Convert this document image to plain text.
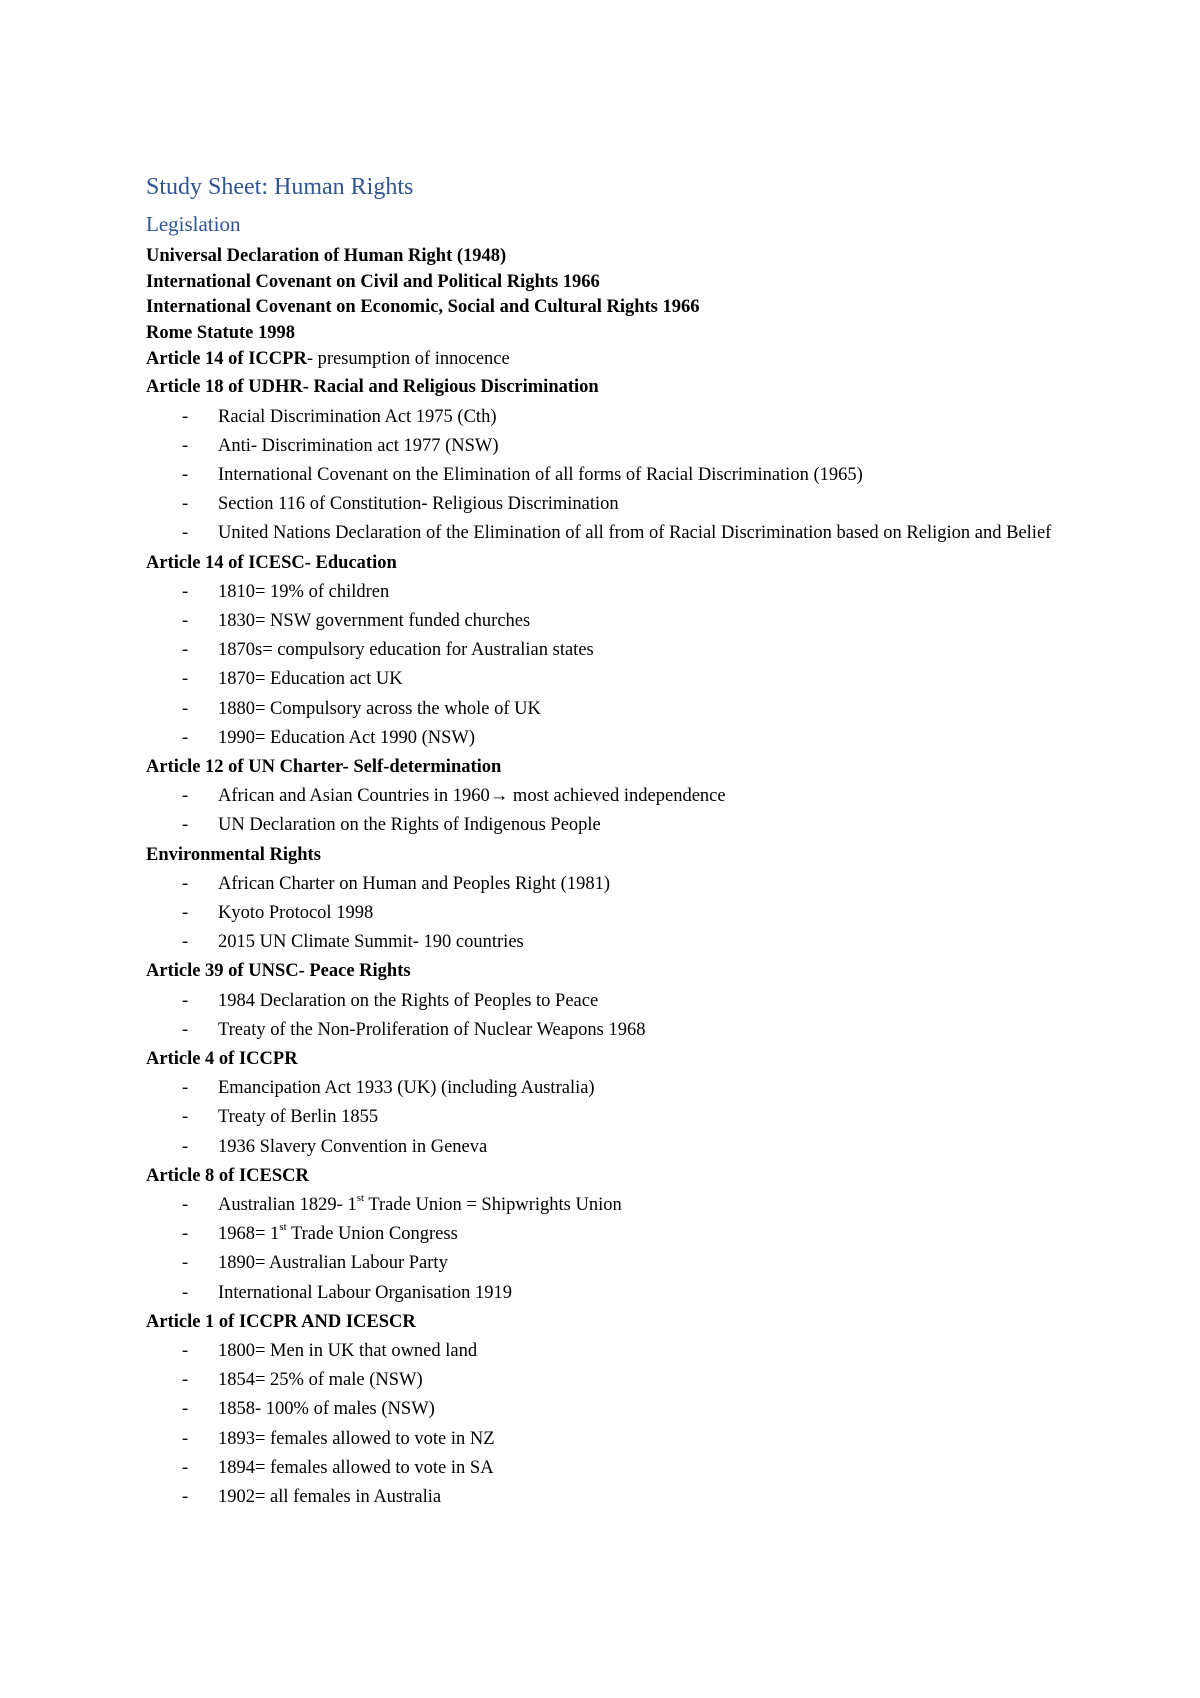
Study Sheet: Human Rights
Legislation

Universal Declaration of Human Right (1948)

International Covenant on Civil and Political Rights 1966

International Covenant on Economic, Social and Cultural Rights 1966

Rome Statute 1998

Article 14 of ICCPR- presumption of innocence

Article 18 of UDHR- Racial and Religious Discrimination

- Racial Discrimination Act 1975 (Cth)
- Anti- Discrimination act 1977 (NSW)
- International Covenant on the Elimination of all forms of Racial Discrimination (1965)
- Section 116 of Constitution- Religious Discrimination
- United Nations Declaration of the Elimination of all from of Racial Discrimination based on Religion and Belief

Article 14 of ICESC- Education

- 1810= 19% of children
- 1830= NSW government funded churches
- 1870s= compulsory education for Australian states
- 1870= Education act UK
- 1880= Compulsory across the whole of UK
- 1990= Education Act 1990 (NSW)

Article 12 of UN Charter- Self-determination

- African and Asian Countries in 1960→ most achieved independence
- UN Declaration on the Rights of Indigenous People

Environmental Rights

- African Charter on Human and Peoples Right (1981)
- Kyoto Protocol 1998
- 2015 UN Climate Summit- 190 countries

Article 39 of UNSC- Peace Rights

- 1984 Declaration on the Rights of Peoples to Peace
- Treaty of the Non-Proliferation of Nuclear Weapons 1968

Article 4 of ICCPR

- Emancipation Act 1933 (UK) (including Australia)
- Treaty of Berlin 1855
- 1936 Slavery Convention in Geneva

Article 8 of ICESCR

- Australian 1829- 1st Trade Union = Shipwrights Union
- 1968= 1st Trade Union Congress
- 1890= Australian Labour Party
- International Labour Organisation 1919

Article 1 of ICCPR AND ICESCR

- 1800= Men in UK that owned land
- 1854= 25% of male (NSW)
- 1858- 100% of males (NSW)
- 1893= females allowed to vote in NZ
- 1894= females allowed to vote in SA
- 1902= all females in Australia
